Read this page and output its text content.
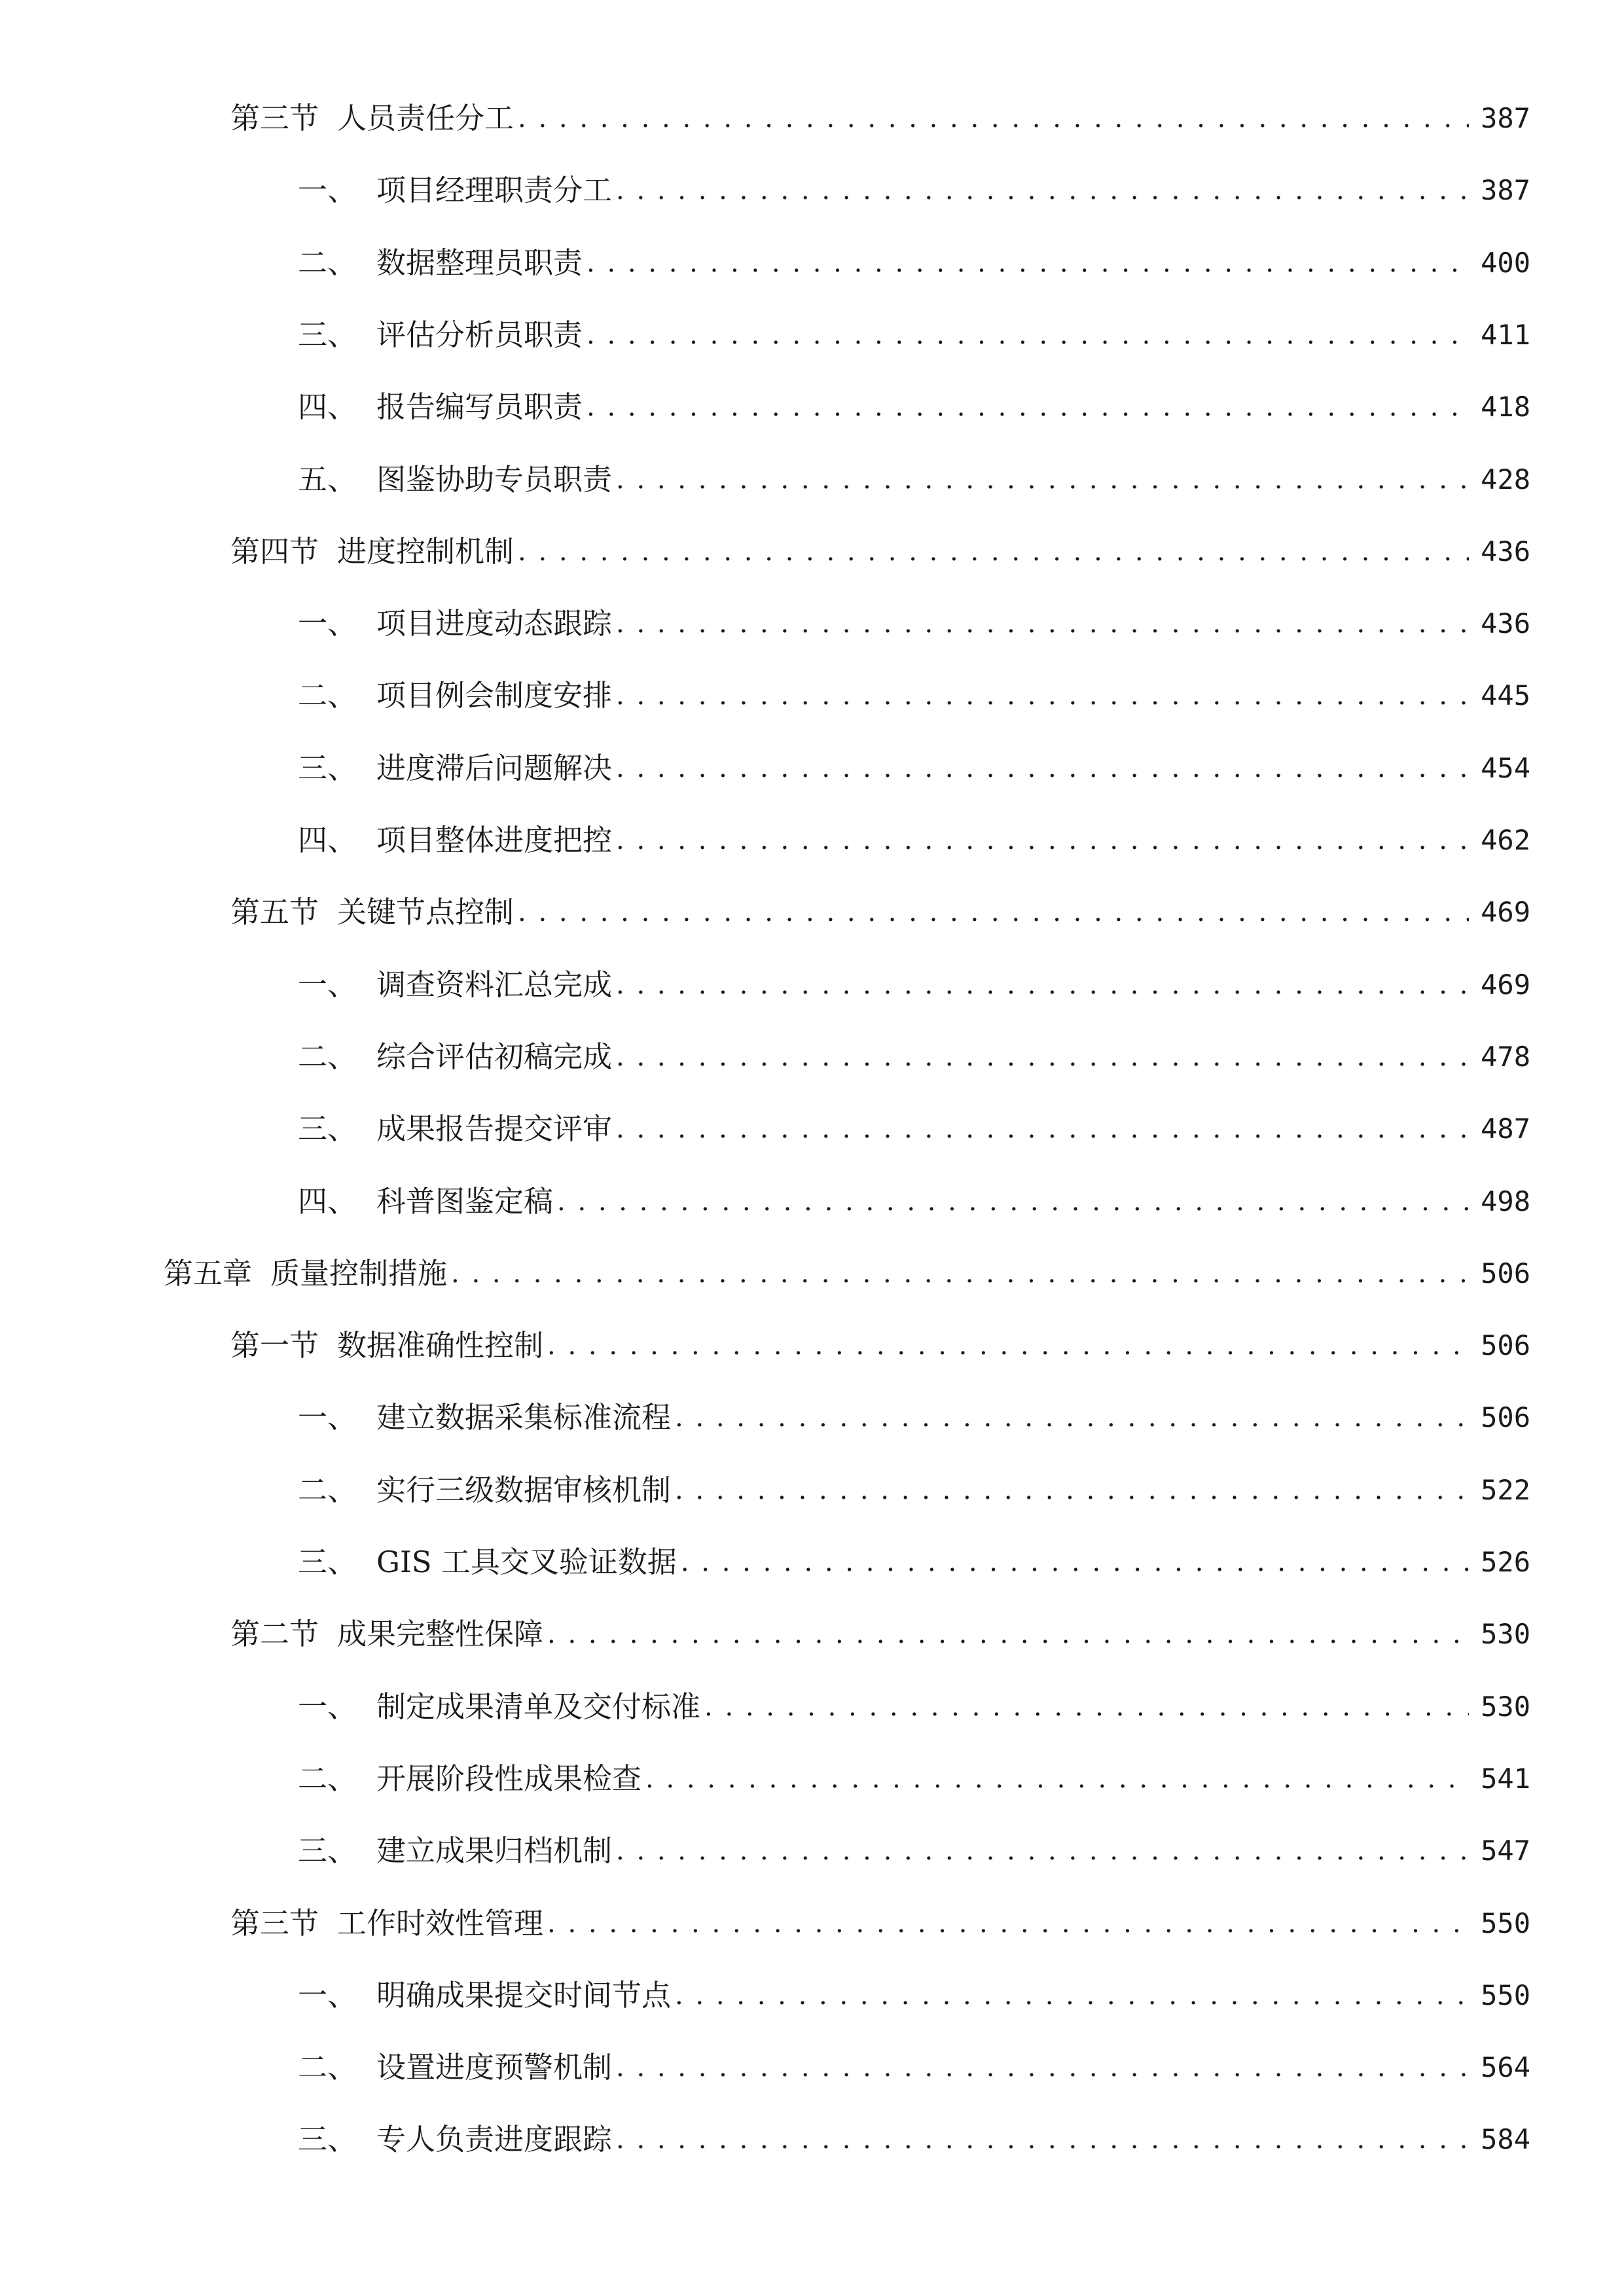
第三节 人员责任分工 . . .	387
一、 项目经理职责分工 . . .	387
二、 数据整理员职责 . . .	400
三、 评估分析员职责 . . .	411
四、 报告编写员职责 . . .	418
五、 图鉴协助专员职责 . . .	428
第四节 进度控制机制 . . .	436
一、 项目进度动态跟踪 . . .	436
二、 项目例会制度安排 . . .	445
三、 进度滞后问题解决 . . .	454
四、 项目整体进度把控 . . .	462
第五节 关键节点控制 . . .	469
一、 调查资料汇总完成 . . .	469
二、 综合评估初稿完成 . . .	478
三、 成果报告提交评审 . . .	487
四、 科普图鉴定稿 . . .	498
第五章 质量控制措施 . . .	506
第一节 数据准确性控制 . . .	506
一、 建立数据采集标准流程 . . .	506
二、 实行三级数据审核机制 . . .	522
三、 GIS 工具交叉验证数据 . . .	526
第二节 成果完整性保障 . . .	530
一、 制定成果清单及交付标准 . . .	530
二、 开展阶段性成果检查 . . .	541
三、 建立成果归档机制 . . .	547
第三节 工作时效性管理 . . .	550
一、 明确成果提交时间节点 . . .	550
二、 设置进度预警机制 . . .	564
三、 专人负责进度跟踪 . . .	584
